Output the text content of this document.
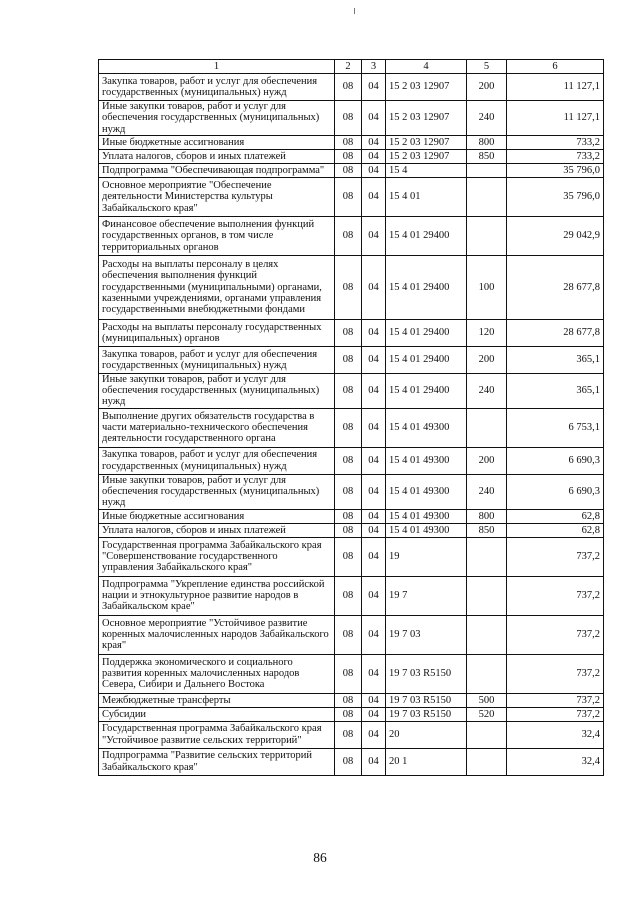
1	2	3	4	5	6
Закупка товаров, работ и услуг для обеспечения государственных (муниципальных) нужд	08	04	15 2 03 12907	200	11 127,1
Иные закупки товаров, работ и услуг для обеспечения государственных (муниципальных) нужд	08	04	15 2 03 12907	240	11 127,1
Иные бюджетные ассигнования	08	04	15 2 03 12907	800	733,2
Уплата налогов, сборов и иных платежей	08	04	15 2 03 12907	850	733,2
Подпрограмма "Обеспечивающая подпрограмма"	08	04	15 4		35 796,0
Основное мероприятие "Обеспечение деятельности Министерства культуры Забайкальского края"	08	04	15 4 01		35 796,0
Финансовое обеспечение выполнения функций государственных органов, в том числе территориальных органов	08	04	15 4 01 29400		29 042,9
Расходы на выплаты персоналу в целях обеспечения выполнения функций государственными (муниципальными) органами, казенными учреждениями, органами управления государственными внебюджетными фондами	08	04	15 4 01 29400	100	28 677,8
Расходы на выплаты персоналу государственных (муниципальных) органов	08	04	15 4 01 29400	120	28 677,8
Закупка товаров, работ и услуг для обеспечения государственных (муниципальных) нужд	08	04	15 4 01 29400	200	365,1
Иные закупки товаров, работ и услуг для обеспечения государственных (муниципальных) нужд	08	04	15 4 01 29400	240	365,1
Выполнение других обязательств государства в части материально-технического обеспечения деятельности государственного органа	08	04	15 4 01 49300		6 753,1
Закупка товаров, работ и услуг для обеспечения государственных (муниципальных) нужд	08	04	15 4 01 49300	200	6 690,3
Иные закупки товаров, работ и услуг для обеспечения государственных (муниципальных) нужд	08	04	15 4 01 49300	240	6 690,3
Иные бюджетные ассигнования	08	04	15 4 01 49300	800	62,8
Уплата налогов, сборов и иных платежей	08	04	15 4 01 49300	850	62,8
Государственная программа Забайкальского края "Совершенствование государственного управления Забайкальского края"	08	04	19		737,2
Подпрограмма "Укрепление единства российской нации и этнокультурное развитие народов в Забайкальском крае"	08	04	19 7		737,2
Основное мероприятие "Устойчивое развитие коренных малочисленных народов Забайкальского края"	08	04	19 7 03		737,2
Поддержка экономического и социального развития коренных малочисленных народов Севера, Сибири и Дальнего Востока	08	04	19 7 03 R5150		737,2
Межбюджетные трансферты	08	04	19 7 03 R5150	500	737,2
Субсидии	08	04	19 7 03 R5150	520	737,2
Государственная программа Забайкальского края "Устойчивое развитие сельских территорий"	08	04	20		32,4
Подпрограмма "Развитие сельских территорий Забайкальского края"	08	04	20 1		32,4
86
